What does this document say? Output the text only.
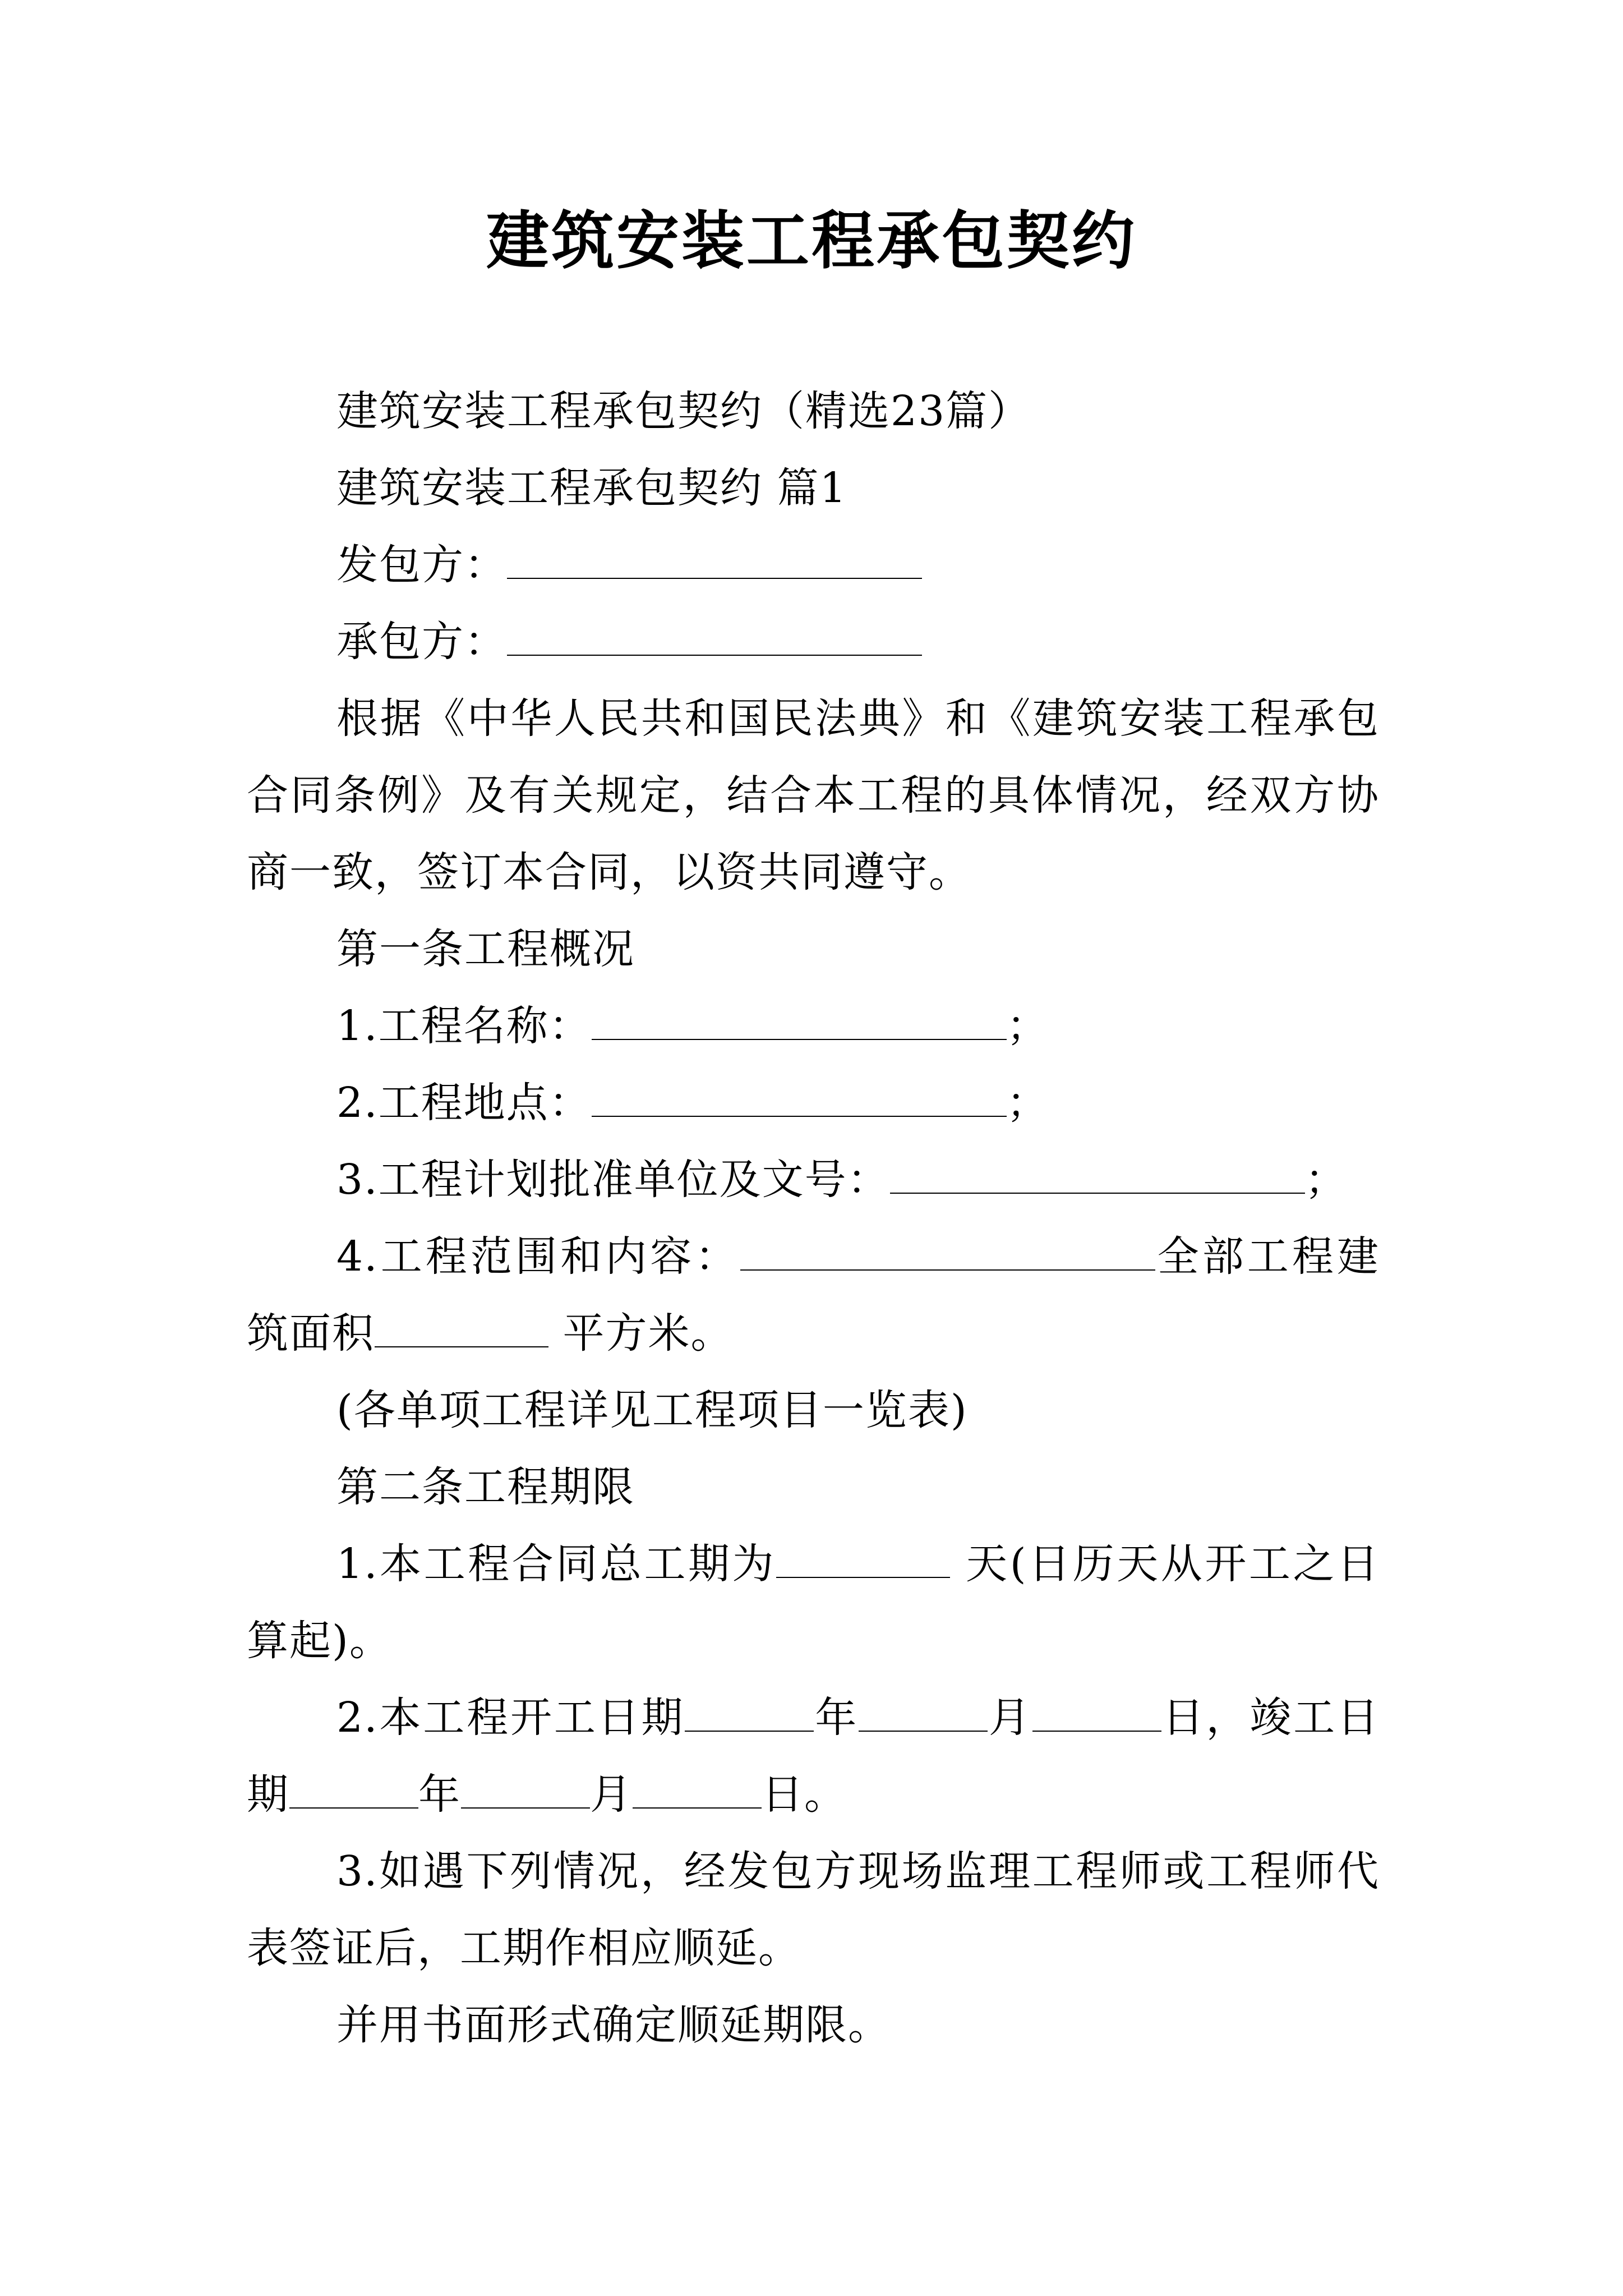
建筑安装工程承包契约

建筑安装工程承包契约（精选23篇）

建筑安装工程承包契约 篇1

发包方：

承包方：

根据《中华人民共和国民法典》和《建筑安装工程承包合同条例》及有关规定，结合本工程的具体情况，经双方协商一致，签订本合同，以资共同遵守。

第一条工程概况

1.工程名称：	；

2.工程地点：	；

3.工程计划批准单位及文号：	；

4.工程范围和内容：	全部工程建筑面积	平方米。

(各单项工程详见工程项目一览表)

第二条工程期限

1.本工程合同总工期为	天(日历天从开工之日算起)。

2.本工程开工日期	年	月	日，竣工日期	年	月	日。

3.如遇下列情况，经发包方现场监理工程师或工程师代表签证后，工期作相应顺延。

并用书面形式确定顺延期限。
